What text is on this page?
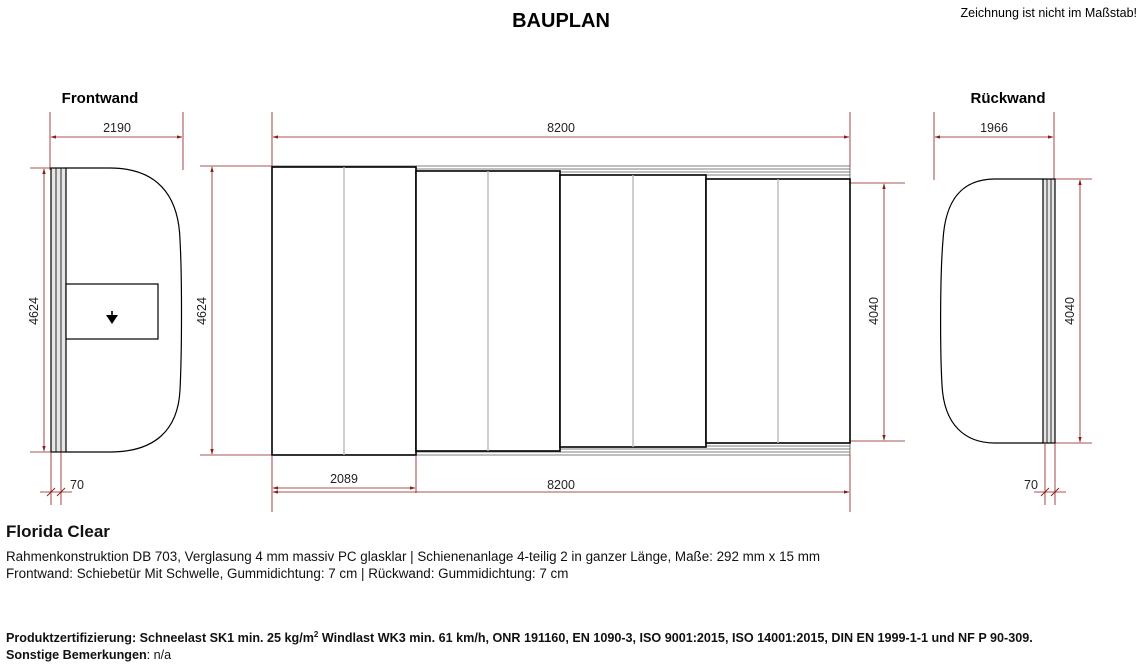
BAUPLAN	Zeichnung ist nicht im Maßstab!
Frontwand
2190
4624
70
8200
4624	4040
2089	8200
Rückwand
1966
4040
70
Florida Clear
Rahmenkonstruktion DB 703, Verglasung 4 mm massiv PC glasklar | Schienenanlage 4-teilig 2 in ganzer Länge, Maße: 292 mm x 15 mm
Frontwand: Schiebetür Mit Schwelle, Gummidichtung: 7 cm | Rückwand: Gummidichtung: 7 cm
Produktzertifizierung: Schneelast SK1 min. 25 $kg/m^2$ Windlast WK3 min. 61 km/h, ONR 191160, EN 1090-3, ISO 9001:2015, ISO 14001:2015, DIN EN 1999-1-1 und NF P 90-309.
Sonstige Bemerkungen: n/a
